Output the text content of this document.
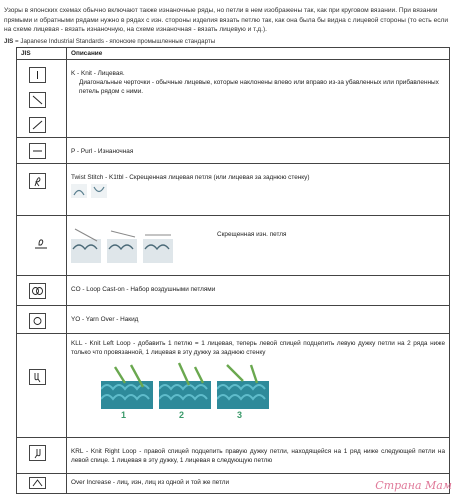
Узоры в японских схемах обычно включают также изнаночные ряды, но петли в нем изображены так, как при круговом вязании. При вязании прямыми и обратными рядами нужно в рядах с изн. стороны изделия вязать петлю так, как она была бы видна с лицевой стороны (то есть если на схеме лицевая - вязать изнаночную, на схеме изнаночная - вязать лицевую и т.д.).
JIS = Japanese Industrial Standards - японские промышленные стандарты
JIS	Описание

K - Knit - Лицевая.
Диагональные черточки - обычные лицевые, которые наклонены влево или вправо из-за убавленных или прибавленных петель рядом с ними.

P - Purl - Изнаночная

Twist Stitch - K1tbl - Скрещенная лицевая петля (или лицевая за заднюю стенку)

Скрещенная изн. петля

CO - Loop Cast-on - Набор воздушными петлями

YO - Yarn Over - Накид

KLL - Knit Left Loop - добавить 1 петлю = 1 лицевая, теперь левой спицей подцепить левую дужку петли на 2 ряда ниже только что провязанной, 1 лицевая в эту дужку за заднюю стенку
1 2 3

KRL - Knit Right Loop - правой спицей подцепить правую дужку петли, находящейся на 1 ряд ниже следующей петли на левой спице. 1 лицевая в эту дужку, 1 лицевая в следующую петлю

Over Increase - лиц, изн, лиц из одной и той же петли	Страна Мам
